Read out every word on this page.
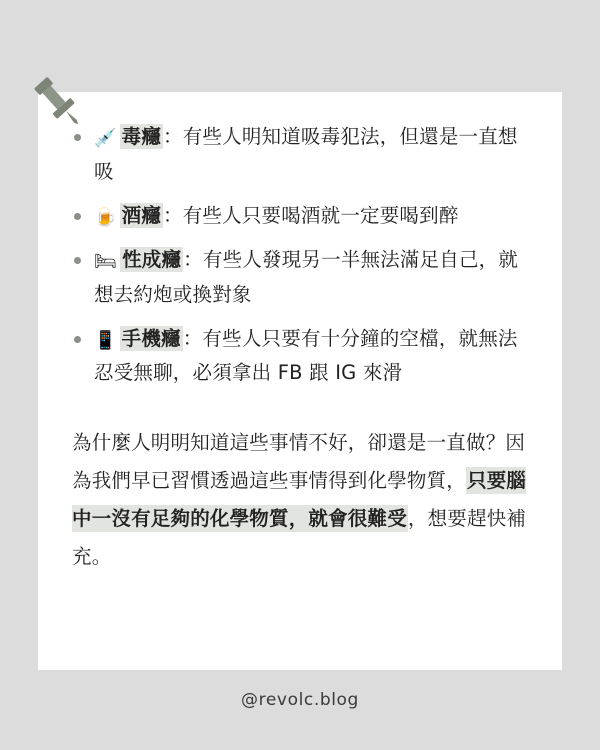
💉 毒癮 ：有些人明知道吸毒犯法，但還是一直想吸
🍺 酒癮 ：有些人只要喝酒就一定要喝到醉
🛏 性成癮 ：有些人發現另一半無法滿足自己，就想去約炮或換對象
📱 手機癮 ：有些人只要有十分鐘的空檔，就無法忍受無聊，必須拿出 FB 跟 IG 來滑

為什麼人明明知道這些事情不好，卻還是一直做？因為我們早已習慣透過這些事情得到化學物質，只要腦中一沒有足夠的化學物質，就會很難受，想要趕快補充。

@revolc.blog
